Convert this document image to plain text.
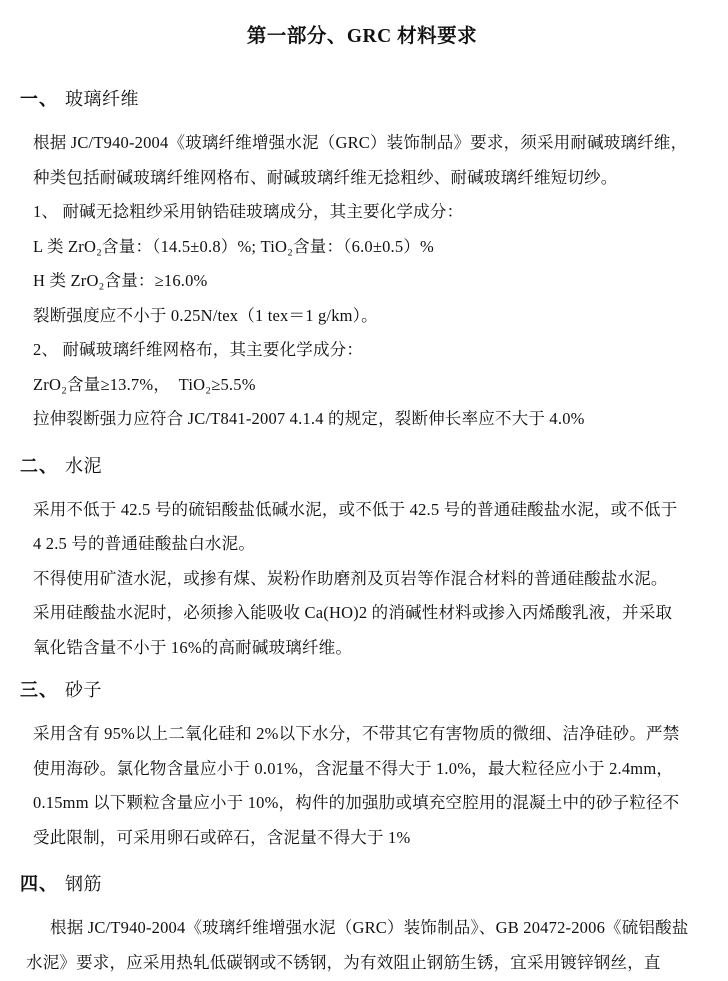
第一部分、GRC 材料要求
一、 玻璃纤维
根据 JC/T940-2004《玻璃纤维增强水泥（GRC）装饰制品》要求，须采用耐碱玻璃纤维，
种类包括耐碱玻璃纤维网格布、耐碱玻璃纤维无捻粗纱、耐碱玻璃纤维短切纱。
1、 耐碱无捻粗纱采用钠锆硅玻璃成分，其主要化学成分：
L 类 ZrO₂含量：（14.5±0.8）%; TiO₂含量：（6.0±0.5）%
H 类 ZrO₂含量：≥16.0%
裂断强度应不小于 0.25N/tex（1 tex＝1 g/km）。
2、 耐碱玻璃纤维网格布，其主要化学成分：
ZrO₂含量≥13.7%，  TiO₂≥5.5%
拉伸裂断强力应符合 JC/T841-2007 4.1.4 的规定，裂断伸长率应不大于 4.0%
二、 水泥
采用不低于 42.5 号的硫铝酸盐低碱水泥，或不低于 42.5 号的普通硅酸盐水泥，或不低于
4 2.5 号的普通硅酸盐白水泥。
不得使用矿渣水泥，或掺有煤、炭粉作助磨剂及页岩等作混合材料的普通硅酸盐水泥。
采用硅酸盐水泥时，必须掺入能吸收 Ca(HO)2 的消碱性材料或掺入丙烯酸乳液，并采取
氧化锆含量不小于 16%的高耐碱玻璃纤维。
三、 砂子
采用含有 95%以上二氧化硅和 2%以下水分，不带其它有害物质的微细、洁净硅砂。严禁
使用海砂。氯化物含量应小于 0.01%，含泥量不得大于 1.0%，最大粒径应小于 2.4mm，
0.15mm 以下颗粒含量应小于 10%，构件的加强肋或填充空腔用的混凝土中的砂子粒径不
受此限制，可采用卵石或碎石，含泥量不得大于 1%
四、 钢筋
根据 JC/T940-2004《玻璃纤维增强水泥（GRC）装饰制品》、GB 20472-2006《硫铝酸盐
水泥》要求，应采用热轧低碳钢或不锈钢，为有效阻止钢筋生锈，宜采用镀锌钢丝，直
